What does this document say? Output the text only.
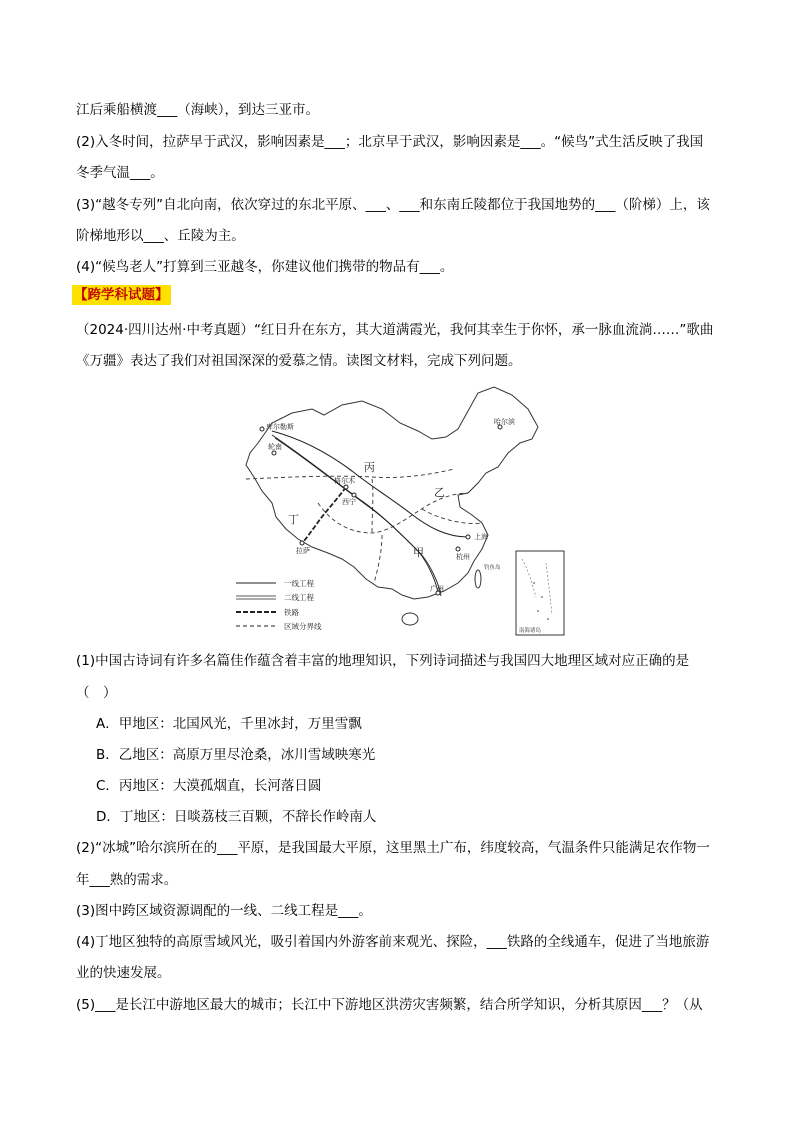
江后乘船横渡___（海峡），到达三亚市。
(2)入冬时间，拉萨早于武汉，影响因素是___；北京早于武汉，影响因素是___。“候鸟”式生活反映了我国
冬季气温___。
(3)“越冬专列”自北向南，依次穿过的东北平原、___、___和东南丘陵都位于我国地势的___（阶梯）上，该
阶梯地形以___、丘陵为主。
(4)“候鸟老人”打算到三亚越冬，你建议他们携带的物品有___。
【跨学科试题】
（2024·四川达州·中考真题）“红日升在东方，其大道满霞光，我何其幸生于你怀，承一脉血流淌……”歌曲
《万疆》表达了我们对祖国深深的爱慕之情。读图文材料，完成下列问题。
库尔勒斯
轮南
格尔木
西宁
拉萨
哈尔滨
上海
杭州
广州
钓鱼岛
甲
乙
丙
丁
南海诸岛
一线工程
二线工程
铁路
区域分界线
(1)中国古诗词有许多名篇佳作蕴含着丰富的地理知识，下列诗词描述与我国四大地理区域对应正确的是
（　）
A．甲地区：北国风光，千里冰封，万里雪飘
B．乙地区：高原万里尽沧桑，冰川雪域映寒光
C．丙地区：大漠孤烟直，长河落日圆
D．丁地区：日啖荔枝三百颗，不辞长作岭南人
(2)“冰城”哈尔滨所在的___平原，是我国最大平原，这里黑土广布，纬度较高，气温条件只能满足农作物一
年___熟的需求。
(3)图中跨区域资源调配的一线、二线工程是___。
(4)丁地区独特的高原雪域风光，吸引着国内外游客前来观光、探险，___铁路的全线通车，促进了当地旅游
业的快速发展。
(5)___是长江中游地区最大的城市；长江中下游地区洪涝灾害频繁，结合所学知识，分析其原因___？（从
